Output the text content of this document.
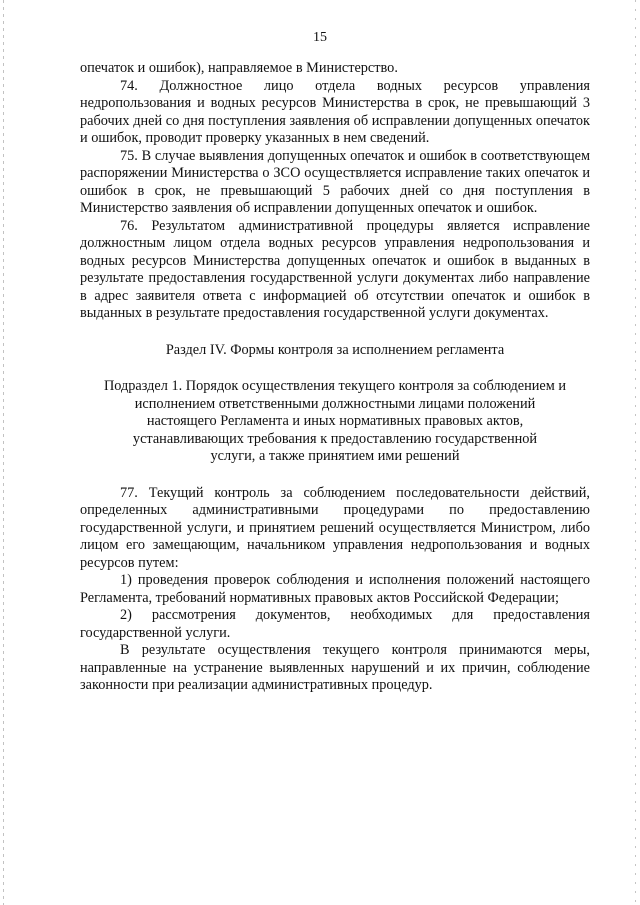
15

опечаток и ошибок), направляемое в Министерство.

74. Должностное лицо отдела водных ресурсов управления недропользования и водных ресурсов Министерства в срок, не превышающий 3 рабочих дней со дня поступления заявления об исправлении допущенных опечаток и ошибок, проводит проверку указанных в нем сведений.

75. В случае выявления допущенных опечаток и ошибок в соответствующем распоряжении Министерства о ЗСО осуществляется исправление таких опечаток и ошибок в срок, не превышающий 5 рабочих дней со дня поступления в Министерство заявления об исправлении допущенных опечаток и ошибок.

76. Результатом административной процедуры является исправление должностным лицом отдела водных ресурсов управления недропользования и водных ресурсов Министерства допущенных опечаток и ошибок в выданных в результате предоставления государственной услуги документах либо направление в адрес заявителя ответа с информацией об отсутствии опечаток и ошибок в выданных в результате предоставления государственной услуги документах.

Раздел IV. Формы контроля за исполнением регламента

Подраздел 1. Порядок осуществления текущего контроля за соблюдением и

исполнением ответственными должностными лицами положений

настоящего Регламента и иных нормативных правовых актов,

устанавливающих требования к предоставлению государственной

услуги, а также принятием ими решений

77. Текущий контроль за соблюдением последовательности действий, определенных административными процедурами по предоставлению государственной услуги, и принятием решений осуществляется Министром, либо лицом его замещающим, начальником управления недропользования и водных ресурсов путем:

1) проведения проверок соблюдения и исполнения положений настоящего Регламента, требований нормативных правовых актов Российской Федерации;

2) рассмотрения документов, необходимых для предоставления государственной услуги.

В результате осуществления текущего контроля принимаются меры, направленные на устранение выявленных нарушений и их причин, соблюдение законности при реализации административных процедур.
